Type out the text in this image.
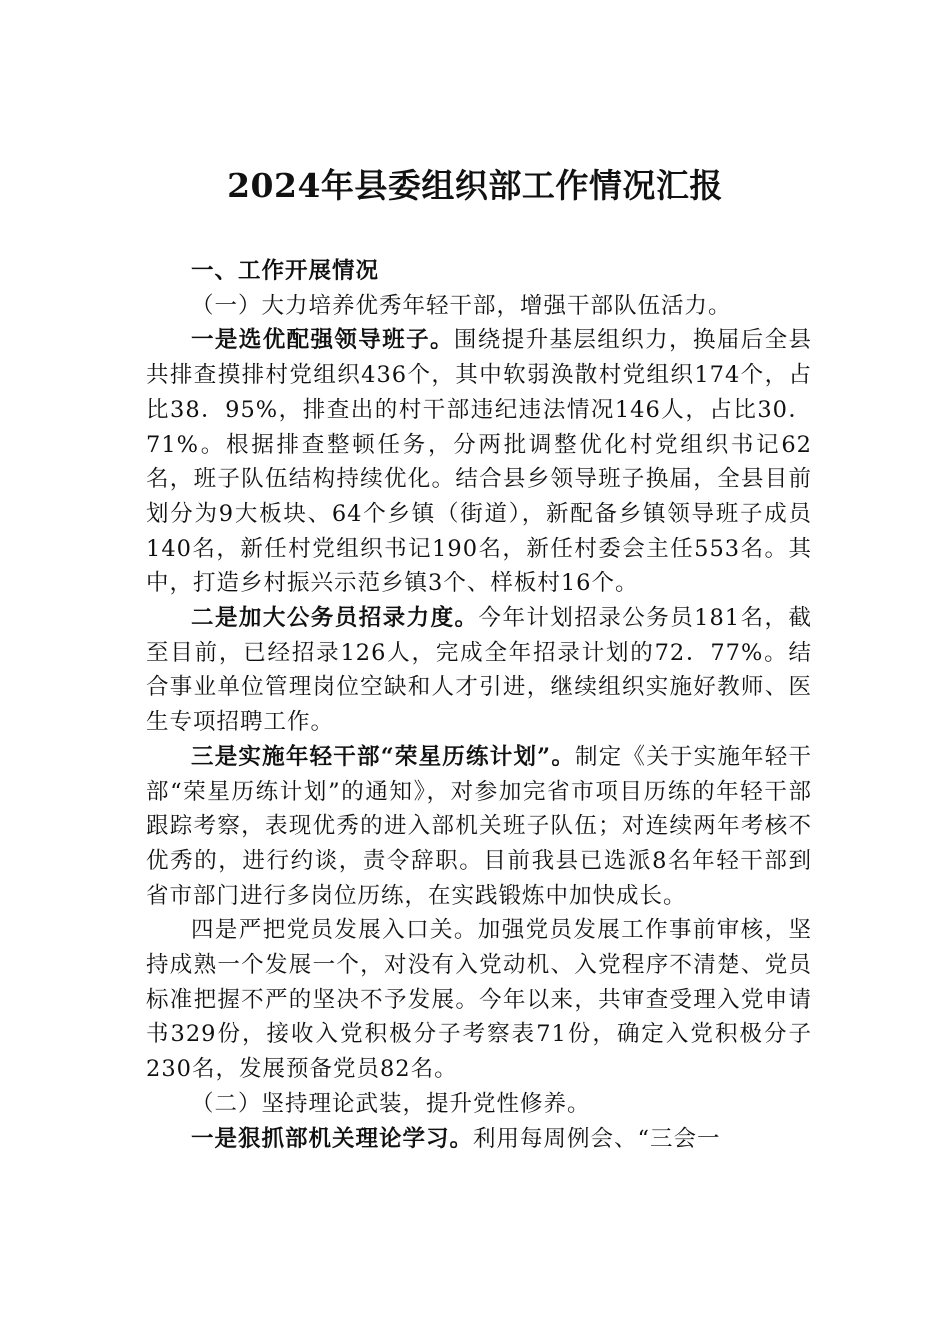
2024年县委组织部工作情况汇报

一、工作开展情况

（一）大力培养优秀年轻干部，增强干部队伍活力。

一是选优配强领导班子。围绕提升基层组织力，换届后全县共排查摸排村党组织436个，其中软弱涣散村党组织174个，占比38．95%，排查出的村干部违纪违法情况146人，占比30．71%。根据排查整顿任务，分两批调整优化村党组织书记62名，班子队伍结构持续优化。结合县乡领导班子换届，全县目前划分为9大板块、64个乡镇（街道），新配备乡镇领导班子成员140名，新任村党组织书记190名，新任村委会主任553名。其中，打造乡村振兴示范乡镇3个、样板村16个。

二是加大公务员招录力度。今年计划招录公务员181名，截至目前，已经招录126人，完成全年招录计划的72．77%。结合事业单位管理岗位空缺和人才引进，继续组织实施好教师、医生专项招聘工作。

三是实施年轻干部“荣星历练计划”。制定《关于实施年轻干部“荣星历练计划”的通知》，对参加完省市项目历练的年轻干部跟踪考察，表现优秀的进入部机关班子队伍；对连续两年考核不优秀的，进行约谈，责令辞职。目前我县已选派8名年轻干部到省市部门进行多岗位历练，在实践锻炼中加快成长。

四是严把党员发展入口关。加强党员发展工作事前审核，坚持成熟一个发展一个，对没有入党动机、入党程序不清楚、党员标准把握不严的坚决不予发展。今年以来，共审查受理入党申请书329份，接收入党积极分子考察表71份，确定入党积极分子230名，发展预备党员82名。

（二）坚持理论武装，提升党性修养。

一是狠抓部机关理论学习。利用每周例会、“三会一
